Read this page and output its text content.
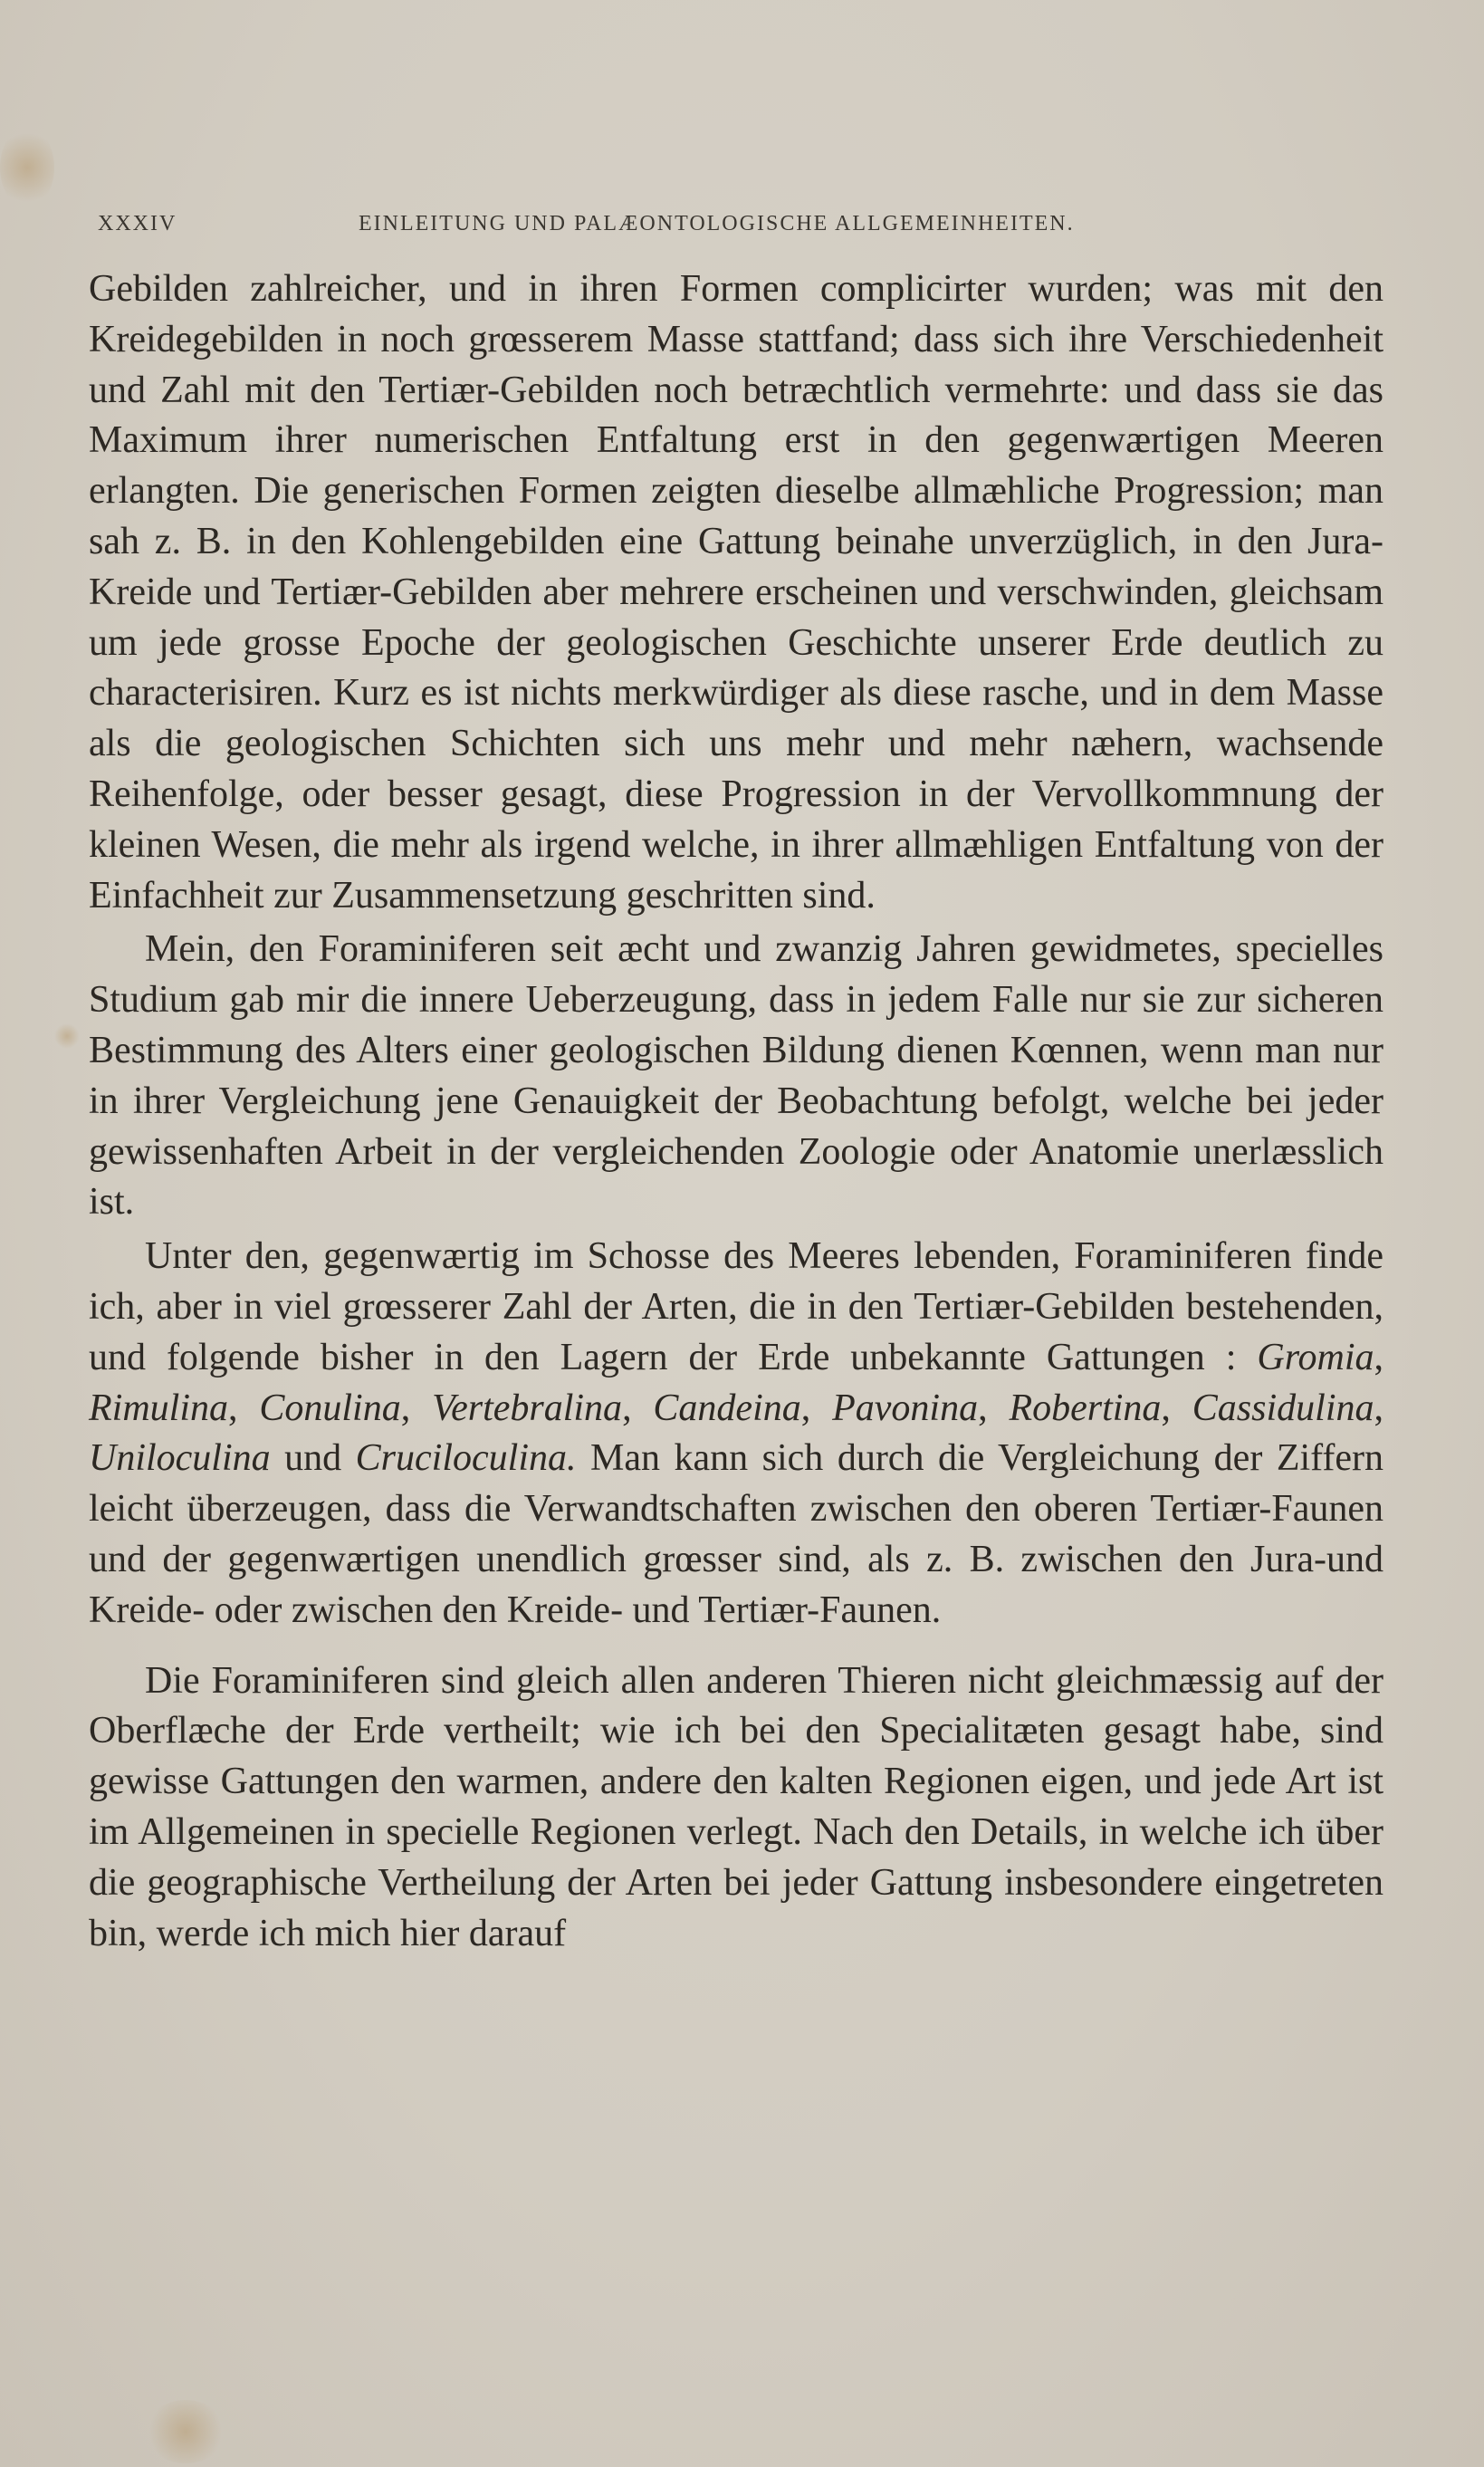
XXXIV	EINLEITUNG UND PALÆONTOLOGISCHE ALLGEMEINHEITEN.

Gebilden zahlreicher, und in ihren Formen complicirter wurden; was mit den Kreidegebilden in noch grœsserem Masse stattfand; dass sich ihre Verschiedenheit und Zahl mit den Tertiær-Gebilden noch betræchtlich vermehrte: und dass sie das Maximum ihrer numerischen Entfaltung erst in den gegenwærtigen Meeren erlangten. Die generischen Formen zeigten dieselbe allmæhliche Progression; man sah z. B. in den Kohlengebilden eine Gattung beinahe unverzüglich, in den Jura-Kreide und Tertiær-Gebilden aber mehrere erscheinen und verschwinden, gleichsam um jede grosse Epoche der geologischen Geschichte unserer Erde deutlich zu characterisiren. Kurz es ist nichts merkwürdiger als diese rasche, und in dem Masse als die geologischen Schichten sich uns mehr und mehr næhern, wachsende Reihenfolge, oder besser gesagt, diese Progression in der Vervollkommnung der kleinen Wesen, die mehr als irgend welche, in ihrer allmæhligen Entfaltung von der Einfachheit zur Zusammensetzung geschritten sind.

Mein, den Foraminiferen seit æcht und zwanzig Jahren gewidmetes, specielles Studium gab mir die innere Ueberzeugung, dass in jedem Falle nur sie zur sicheren Bestimmung des Alters einer geologischen Bildung dienen Kœnnen, wenn man nur in ihrer Vergleichung jene Genauigkeit der Beobachtung befolgt, welche bei jeder gewissenhaften Arbeit in der vergleichenden Zoologie oder Anatomie unerlæsslich ist.

Unter den, gegenwærtig im Schosse des Meeres lebenden, Foraminiferen finde ich, aber in viel grœsserer Zahl der Arten, die in den Tertiær-Gebilden bestehenden, und folgende bisher in den Lagern der Erde unbekannte Gattungen : Gromia, Rimulina, Conulina, Vertebralina, Candeina, Pavonina, Robertina, Cassidulina, Uniloculina und Cruciloculina. Man kann sich durch die Vergleichung der Ziffern leicht überzeugen, dass die Verwandtschaften zwischen den oberen Tertiær-Faunen und der gegenwærtigen unendlich grœsser sind, als z. B. zwischen den Jura-und Kreide- oder zwischen den Kreide- und Tertiær-Faunen.

Die Foraminiferen sind gleich allen anderen Thieren nicht gleichmæssig auf der Oberflæche der Erde vertheilt; wie ich bei den Specialitæten gesagt habe, sind gewisse Gattungen den warmen, andere den kalten Regionen eigen, und jede Art ist im Allgemeinen in specielle Regionen verlegt. Nach den Details, in welche ich über die geographische Vertheilung der Arten bei jeder Gattung insbesondere eingetreten bin, werde ich mich hier darauf
